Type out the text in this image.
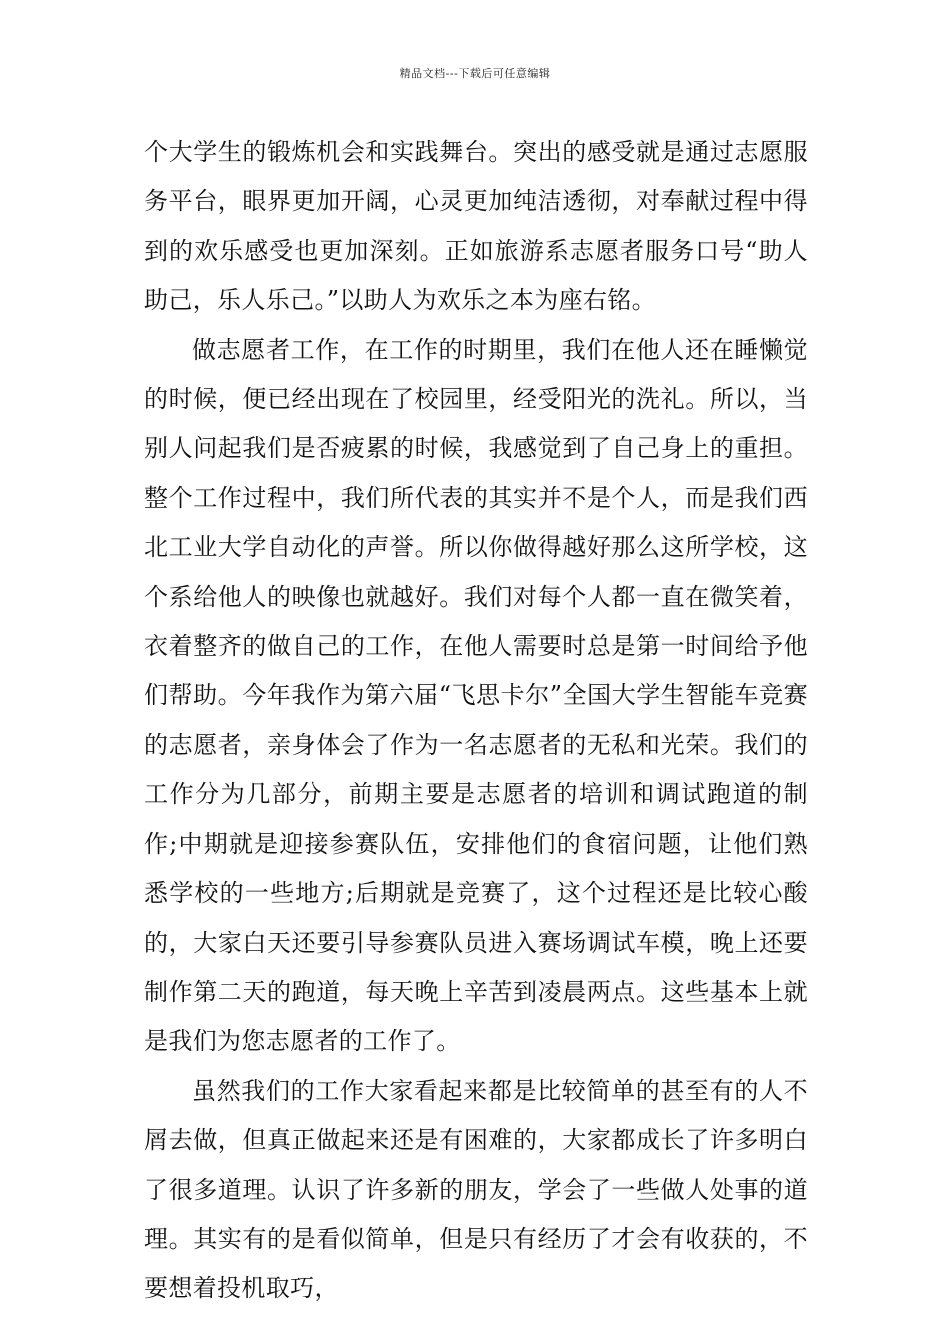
精品文档---下载后可任意编辑

个大学生的锻炼机会和实践舞台。突出的感受就是通过志愿服务平台，眼界更加开阔，心灵更加纯洁透彻，对奉献过程中得到的欢乐感受也更加深刻。正如旅游系志愿者服务口号“助人助己，乐人乐己。”以助人为欢乐之本为座右铭。

做志愿者工作，在工作的时期里，我们在他人还在睡懒觉的时候，便已经出现在了校园里，经受阳光的洗礼。所以，当别人问起我们是否疲累的时候，我感觉到了自己身上的重担。整个工作过程中，我们所代表的其实并不是个人，而是我们西北工业大学自动化的声誉。所以你做得越好那么这所学校，这个系给他人的映像也就越好。我们对每个人都一直在微笑着，衣着整齐的做自己的工作，在他人需要时总是第一时间给予他们帮助。今年我作为第六届“飞思卡尔”全国大学生智能车竞赛的志愿者，亲身体会了作为一名志愿者的无私和光荣。我们的工作分为几部分，前期主要是志愿者的培训和调试跑道的制作;中期就是迎接参赛队伍，安排他们的食宿问题，让他们熟悉学校的一些地方;后期就是竞赛了，这个过程还是比较心酸的，大家白天还要引导参赛队员进入赛场调试车模，晚上还要制作第二天的跑道，每天晚上辛苦到凌晨两点。这些基本上就是我们为您志愿者的工作了。

虽然我们的工作大家看起来都是比较简单的甚至有的人不屑去做，但真正做起来还是有困难的，大家都成长了许多明白了很多道理。认识了许多新的朋友，学会了一些做人处事的道理。其实有的是看似简单，但是只有经历了才会有收获的，不要想着投机取巧，
